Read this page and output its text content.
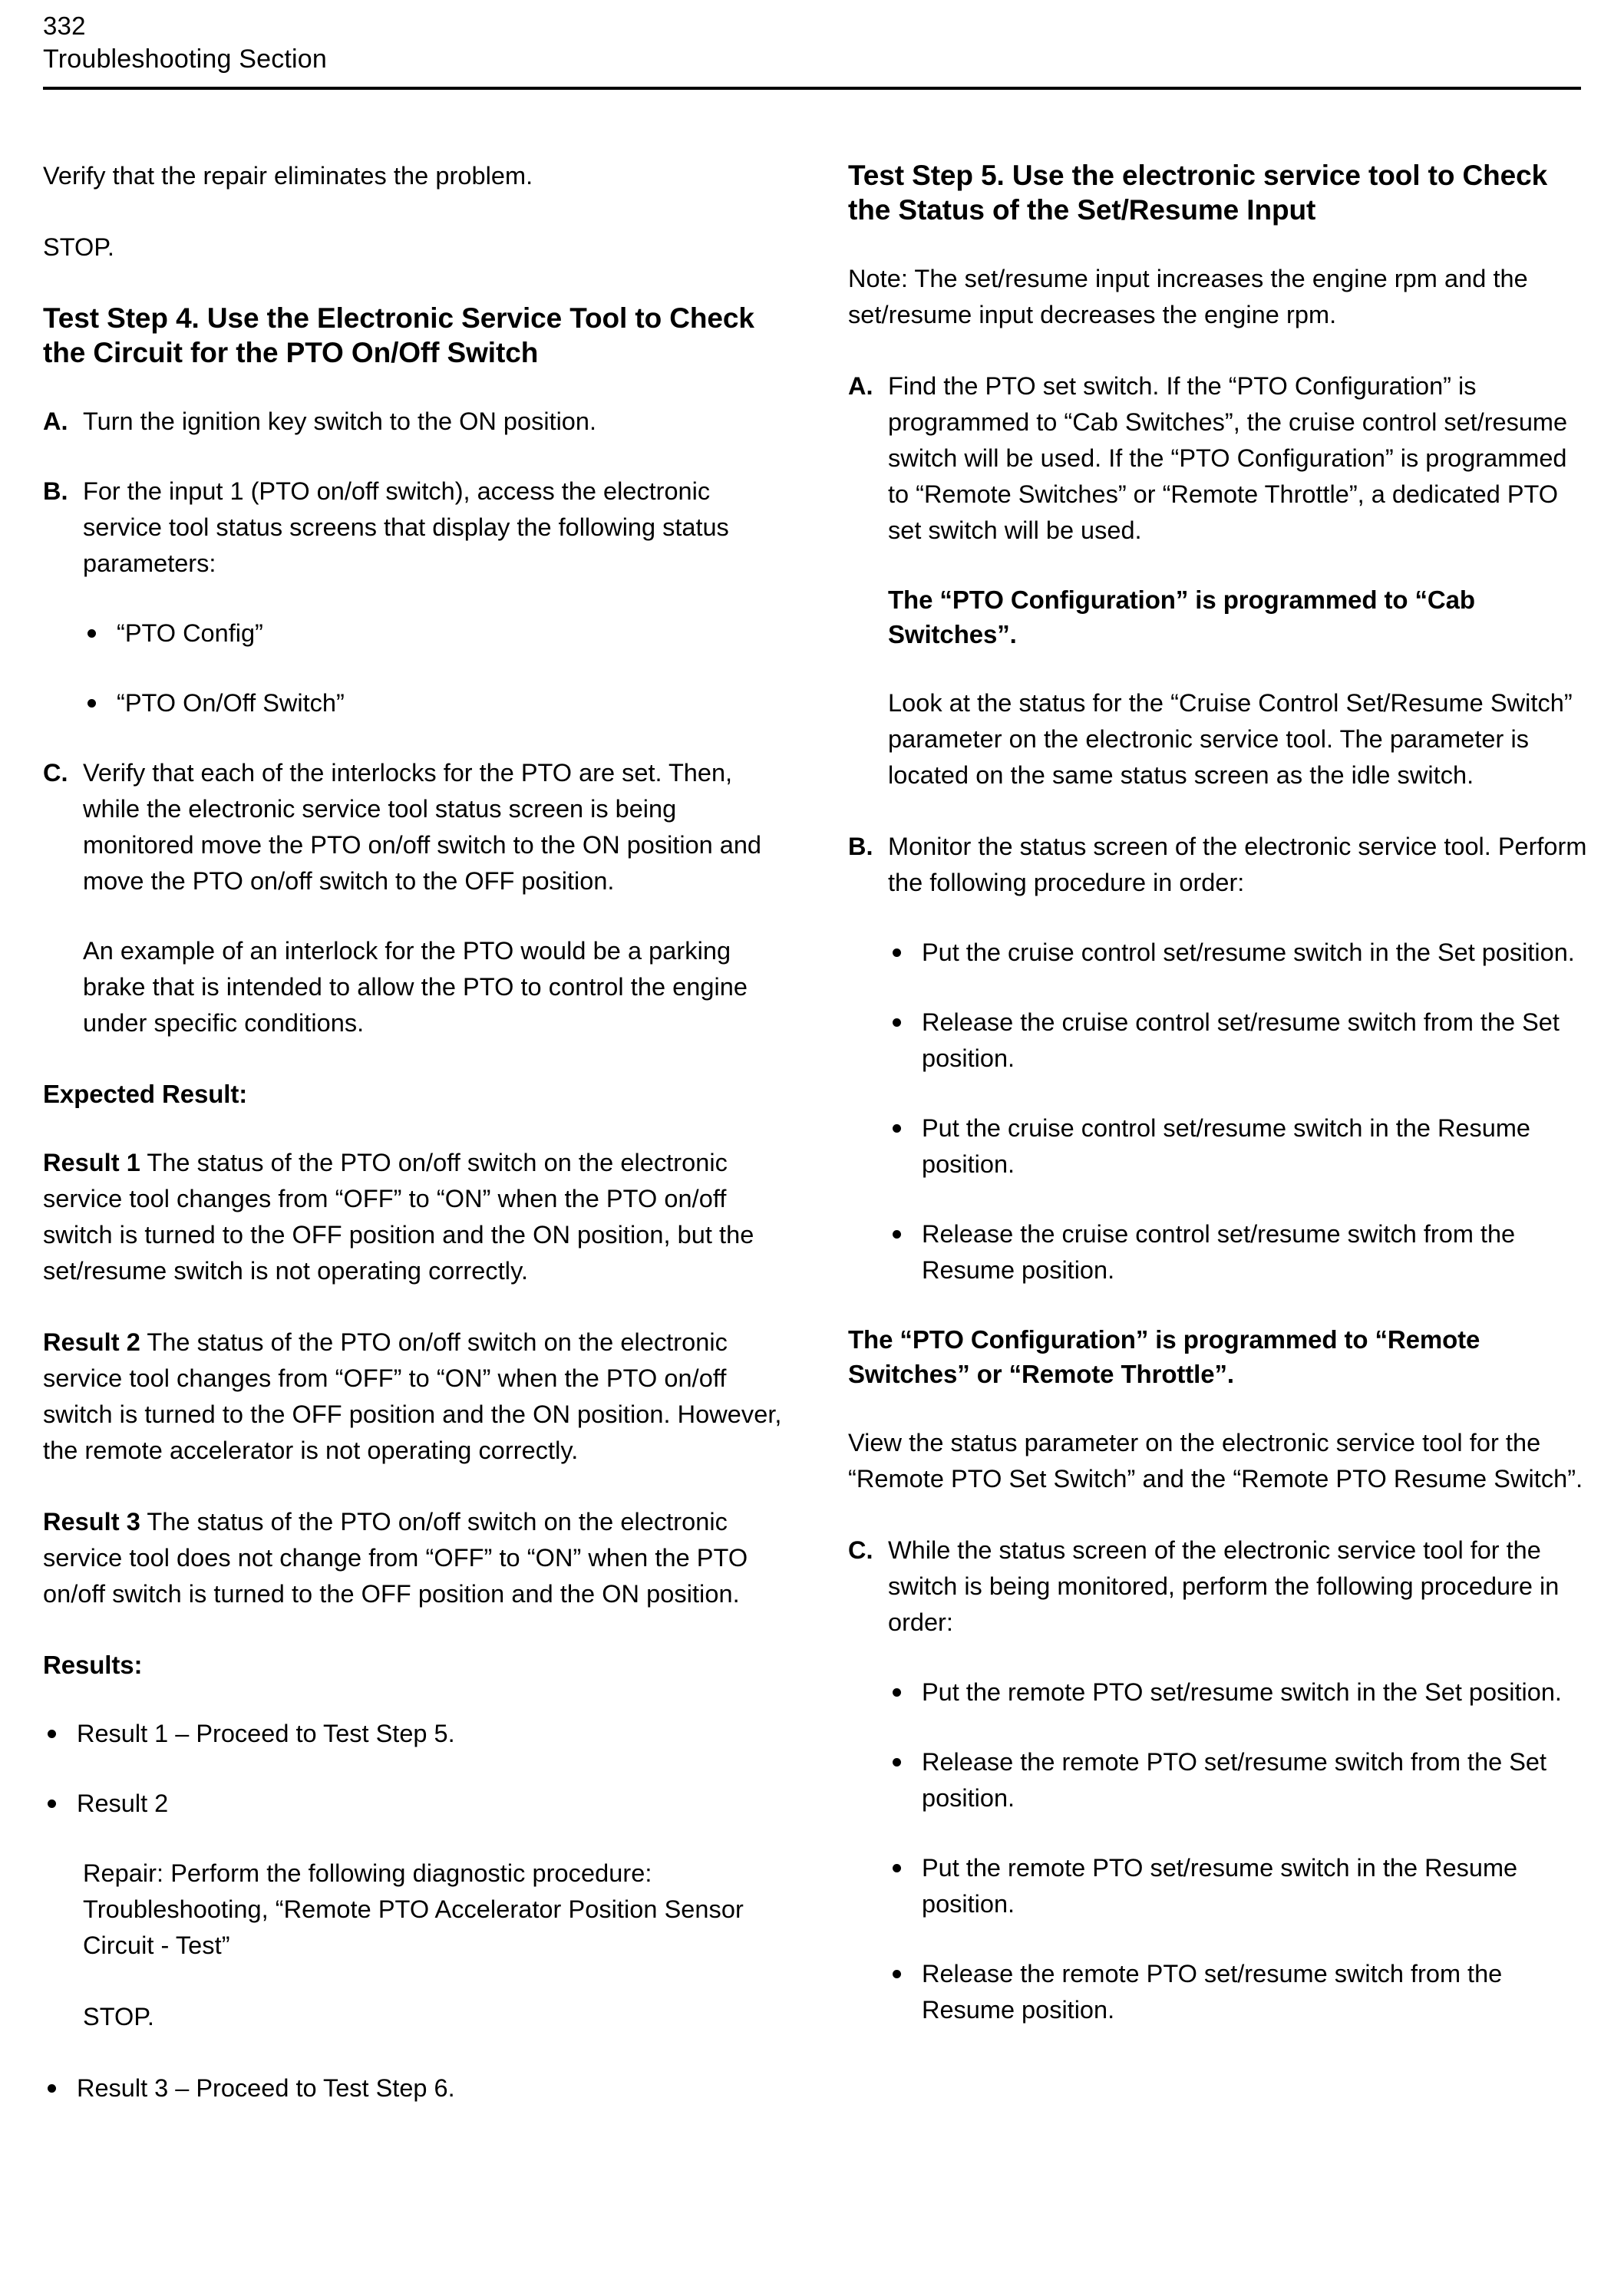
332
Troubleshooting Section

Verify that the repair eliminates the problem.

STOP.

Test Step 4. Use the Electronic Service Tool to Check the Circuit for the PTO On/Off Switch
A. Turn the ignition key switch to the ON position.
B. For the input 1 (PTO on/off switch), access the electronic service tool status screens that display the following status parameters:
“PTO Config”
“PTO On/Off Switch”
C. Verify that each of the interlocks for the PTO are set. Then, while the electronic service tool status screen is being monitored move the PTO on/off switch to the ON position and move the PTO on/off switch to the OFF position.

An example of an interlock for the PTO would be a parking brake that is intended to allow the PTO to control the engine under specific conditions.

Expected Result:

Result 1 The status of the PTO on/off switch on the electronic service tool changes from “OFF” to “ON” when the PTO on/off switch is turned to the OFF position and the ON position, but the set/resume switch is not operating correctly.

Result 2 The status of the PTO on/off switch on the electronic service tool changes from “OFF” to “ON” when the PTO on/off switch is turned to the OFF position and the ON position. However, the remote accelerator is not operating correctly.

Result 3 The status of the PTO on/off switch on the electronic service tool does not change from “OFF” to “ON” when the PTO on/off switch is turned to the OFF position and the ON position.

Results:
Result 1 – Proceed to Test Step 5.
Result 2

Repair: Perform the following diagnostic procedure: Troubleshooting, “Remote PTO Accelerator Position Sensor Circuit - Test”

STOP.

Result 3 – Proceed to Test Step 6.
Test Step 5. Use the electronic service tool to Check the Status of the Set/Resume Input

Note: The set/resume input increases the engine rpm and the set/resume input decreases the engine rpm.

A. Find the PTO set switch. If the “PTO Configuration” is programmed to “Cab Switches”, the cruise control set/resume switch will be used. If the “PTO Configuration” is programmed to “Remote Switches” or “Remote Throttle”, a dedicated PTO set switch will be used.
The “PTO Configuration” is programmed to “Cab Switches”.

Look at the status for the “Cruise Control Set/Resume Switch” parameter on the electronic service tool. The parameter is located on the same status screen as the idle switch.

B. Monitor the status screen of the electronic service tool. Perform the following procedure in order:
Put the cruise control set/resume switch in the Set position.
Release the cruise control set/resume switch from the Set position.
Put the cruise control set/resume switch in the Resume position.
Release the cruise control set/resume switch from the Resume position.
The “PTO Configuration” is programmed to “Remote Switches” or “Remote Throttle”.

View the status parameter on the electronic service tool for the “Remote PTO Set Switch” and the “Remote PTO Resume Switch”.

C. While the status screen of the electronic service tool for the switch is being monitored, perform the following procedure in order:
Put the remote PTO set/resume switch in the Set position.
Release the remote PTO set/resume switch from the Set position.
Put the remote PTO set/resume switch in the Resume position.
Release the remote PTO set/resume switch from the Resume position.
